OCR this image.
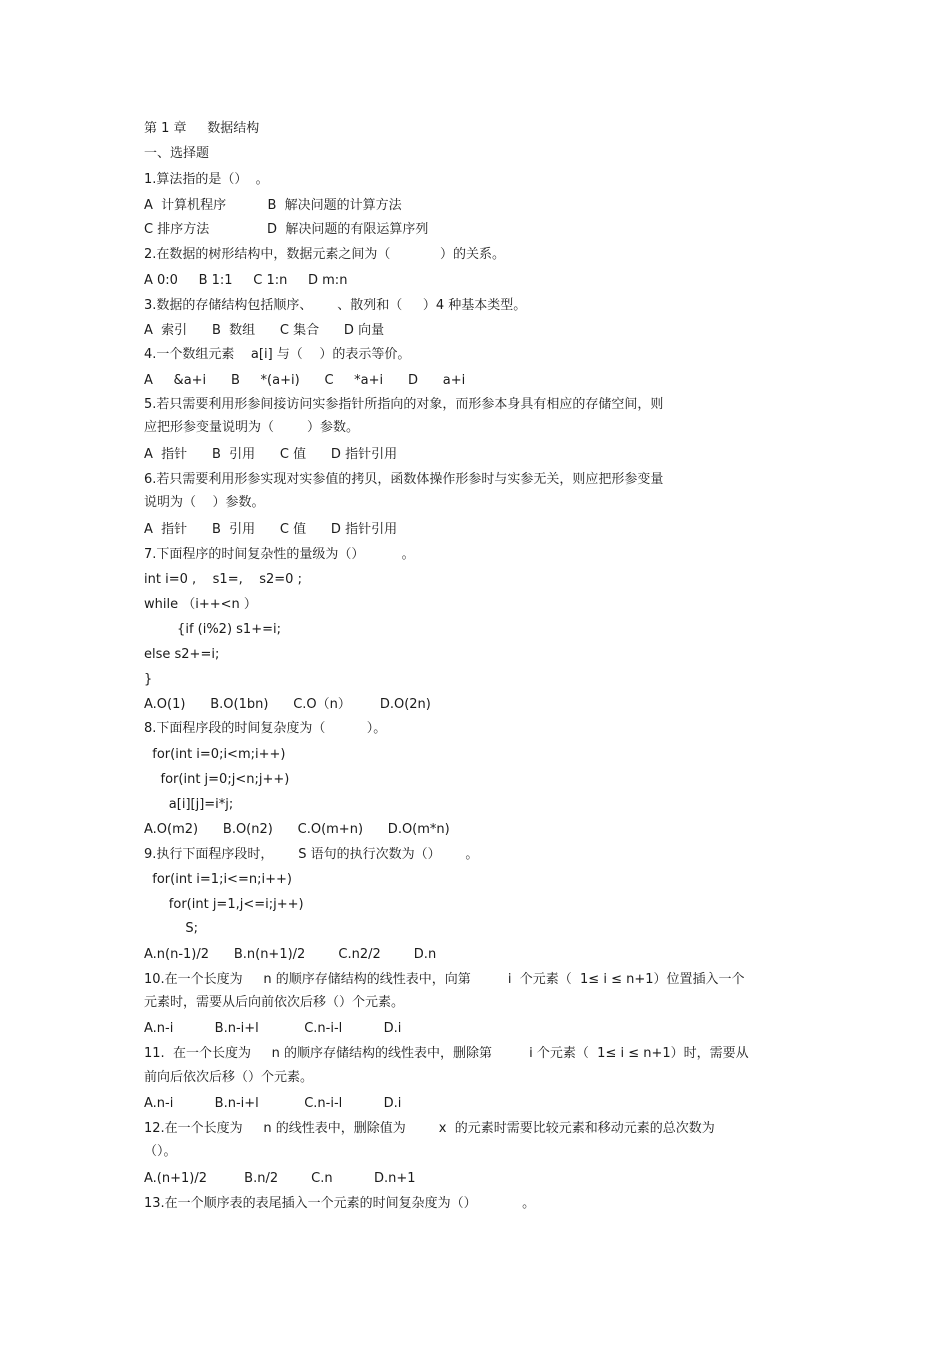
第 1 章     数据结构
一、选择题
1.算法指的是（）  。
A  计算机程序          B  解决问题的计算方法
C 排序方法              D  解决问题的有限运算序列
2.在数据的树形结构中，数据元素之间为（            ）的关系。
A 0:0     B 1:1     C 1:n     D m:n
3.数据的存储结构包括顺序、      、散列和（     ）4 种基本类型。
A  索引      B  数组      C 集合      D 向量
4.一个数组元素    a[i] 与（    ）的表示等价。
A     &a+i      B     *(a+i)      C     *a+i      D      a+i
5.若只需要利用形参间接访问实参指针所指向的对象，而形参本身具有相应的存储空间，则
应把形参变量说明为（        ）参数。
A  指针      B  引用      C 值      D 指针引用
6.若只需要利用形参实现对实参值的拷贝，函数体操作形参时与实参无关，则应把形参变量
说明为（    ）参数。
A  指针      B  引用      C 值      D 指针引用
7.下面程序的时间复杂性的量级为（）         。
int i=0 ,    s1=,    s2=0 ;
while （i++<n ）
{if (i%2) s1+=i;
else s2+=i;
}
A.O(1)      B.O(1bn)      C.O（n）       D.O(2n)
8.下面程序段的时间复杂度为（          ）。
for(int i=0;i<m;i++)
for(int j=0;j<n;j++)
a[i][j]=i*j;
A.O(m2)      B.O(n2)      C.O(m+n)      D.O(m*n)
9.执行下面程序段时，      S 语句的执行次数为（）      。
for(int i=1;i<=n;i++)
for(int j=1,j<=i;j++)
S;
A.n(n-1)/2      B.n(n+1)/2        C.n2/2        D.n
10.在一个长度为     n 的顺序存储结构的线性表中，向第         i  个元素（  1≤ i ≤ n+1）位置插入一个
元素时，需要从后向前依次后移（）个元素。
A.n-i          B.n-i+l           C.n-i-l          D.i
11.  在一个长度为     n 的顺序存储结构的线性表中，删除第         i 个元素（  1≤ i ≤ n+1）时，需要从
前向后依次后移（）个元素。
A.n-i          B.n-i+l           C.n-i-l          D.i
12.在一个长度为     n 的线性表中，删除值为        x  的元素时需要比较元素和移动元素的总次数为
（）。
A.(n+1)/2         B.n/2        C.n          D.n+1
13.在一个顺序表的表尾插入一个元素的时间复杂度为（）           。
